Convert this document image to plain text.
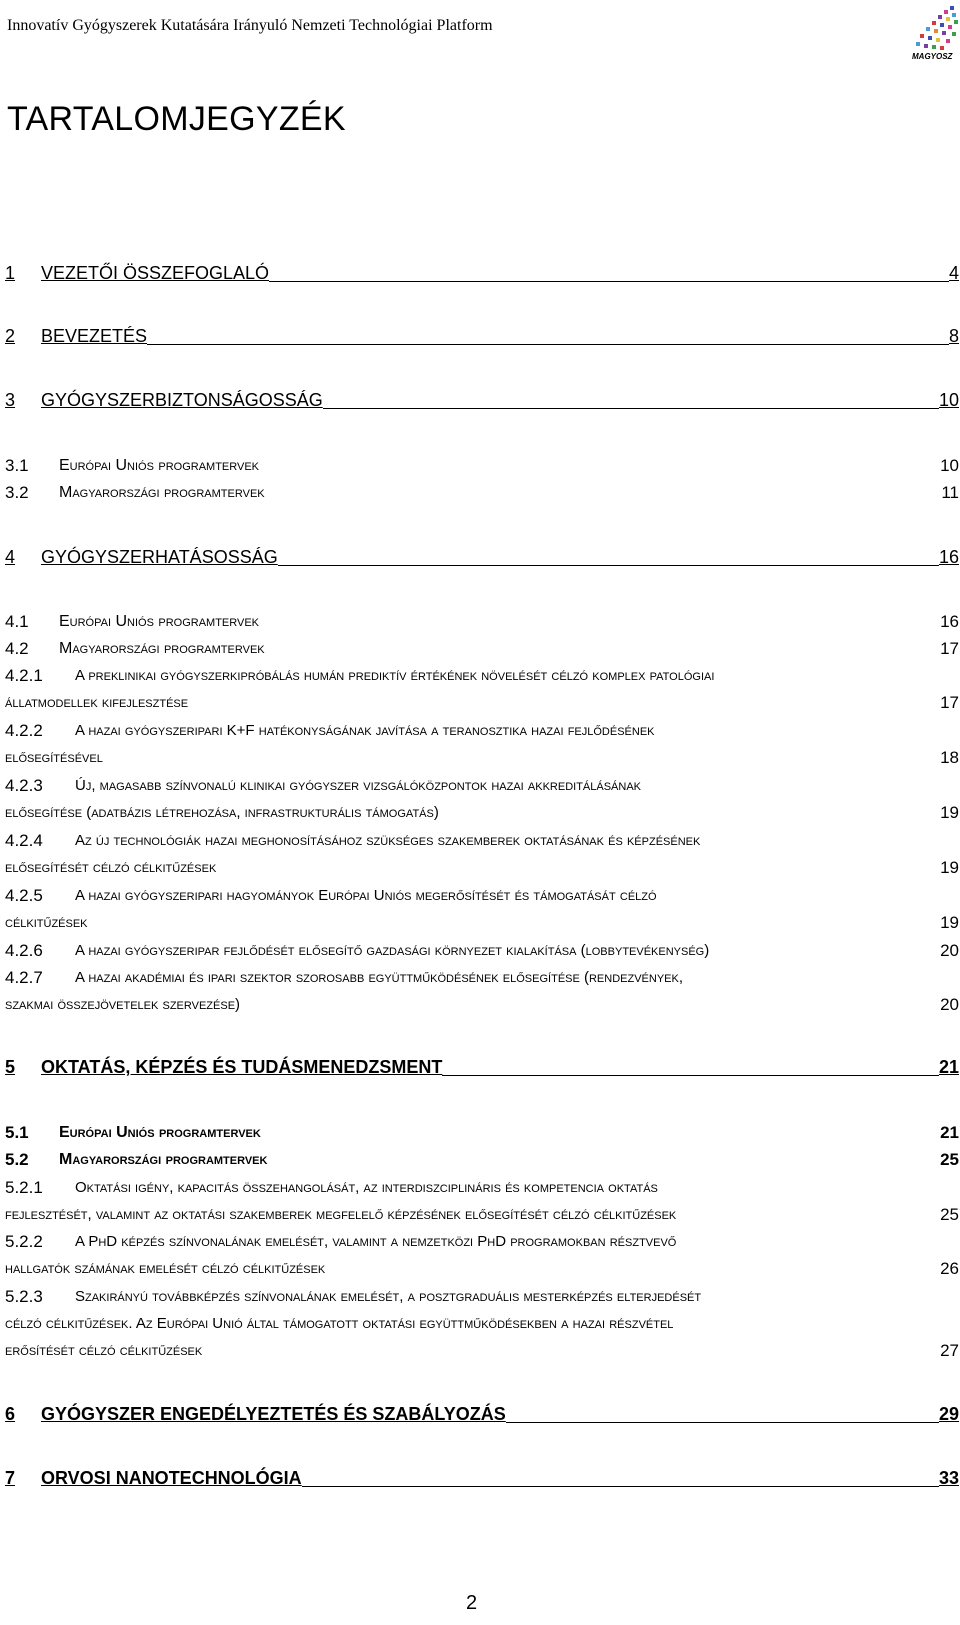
Innovatív Gyógyszerek Kutatására Irányuló Nemzeti Technológiai Platform
MAGYOSZ
TARTALOMJEGYZÉK
1 VEZETŐI ÖSSZEFOGLALÓ	4
2 BEVEZETÉS	8
3 GYÓGYSZERBIZTONSÁGOSSÁG	10
3.1 Európai Uniós programtervek	10
3.2 Magyarországi programtervek	11
4 GYÓGYSZERHATÁSOSSÁG	16
4.1 Európai Uniós programtervek	16
4.2 Magyarországi programtervek	17
4.2.1 A preklinikai gyógyszerkipróbálás humán prediktív értékének növelését célzó komplex patológiai
állatmodellek kifejlesztése	17
4.2.2 A hazai gyógyszeripari K+F hatékonyságának javítása a teranosztika hazai fejlődésének
elősegítésével	18
4.2.3 Új, magasabb színvonalú klinikai gyógyszer vizsgálóközpontok hazai akkreditálásának
elősegítése (adatbázis létrehozása, infrastrukturális támogatás)	19
4.2.4 Az új technológiák hazai meghonosításához szükséges szakemberek oktatásának és képzésének
elősegítését célzó célkitűzések	19
4.2.5 A hazai gyógyszeripari hagyományok Európai Uniós megerősítését és támogatását célzó
célkitűzések	19
4.2.6 A hazai gyógyszeripar fejlődését elősegítő gazdasági környezet kialakítása (lobbytevékenység)	20
4.2.7 A hazai akadémiai és ipari szektor szorosabb együttműködésének elősegítése (rendezvények,
szakmai összejövetelek szervezése)	20
5 OKTATÁS, KÉPZÉS ÉS TUDÁSMENEDZSMENT	21
5.1 Európai Uniós programtervek	21
5.2 Magyarországi programtervek	25
5.2.1 Oktatási igény, kapacitás összehangolását, az interdiszciplináris és kompetencia oktatás
fejlesztését, valamint az oktatási szakemberek megfelelő képzésének elősegítését célzó célkitűzések	25
5.2.2 A PhD képzés színvonalának emelését, valamint a nemzetközi PhD programokban résztvevő
hallgatók számának emelését célzó célkitűzések	26
5.2.3 Szakirányú továbbképzés színvonalának emelését, a posztgraduális mesterképzés elterjedését
célzó célkitűzések. Az Európai Unió által támogatott oktatási együttműködésekben a hazai részvétel
erősítését célzó célkitűzések	27
6 GYÓGYSZER ENGEDÉLYEZTETÉS ÉS SZABÁLYOZÁS	29
7 ORVOSI NANOTECHNOLÓGIA	33
2
